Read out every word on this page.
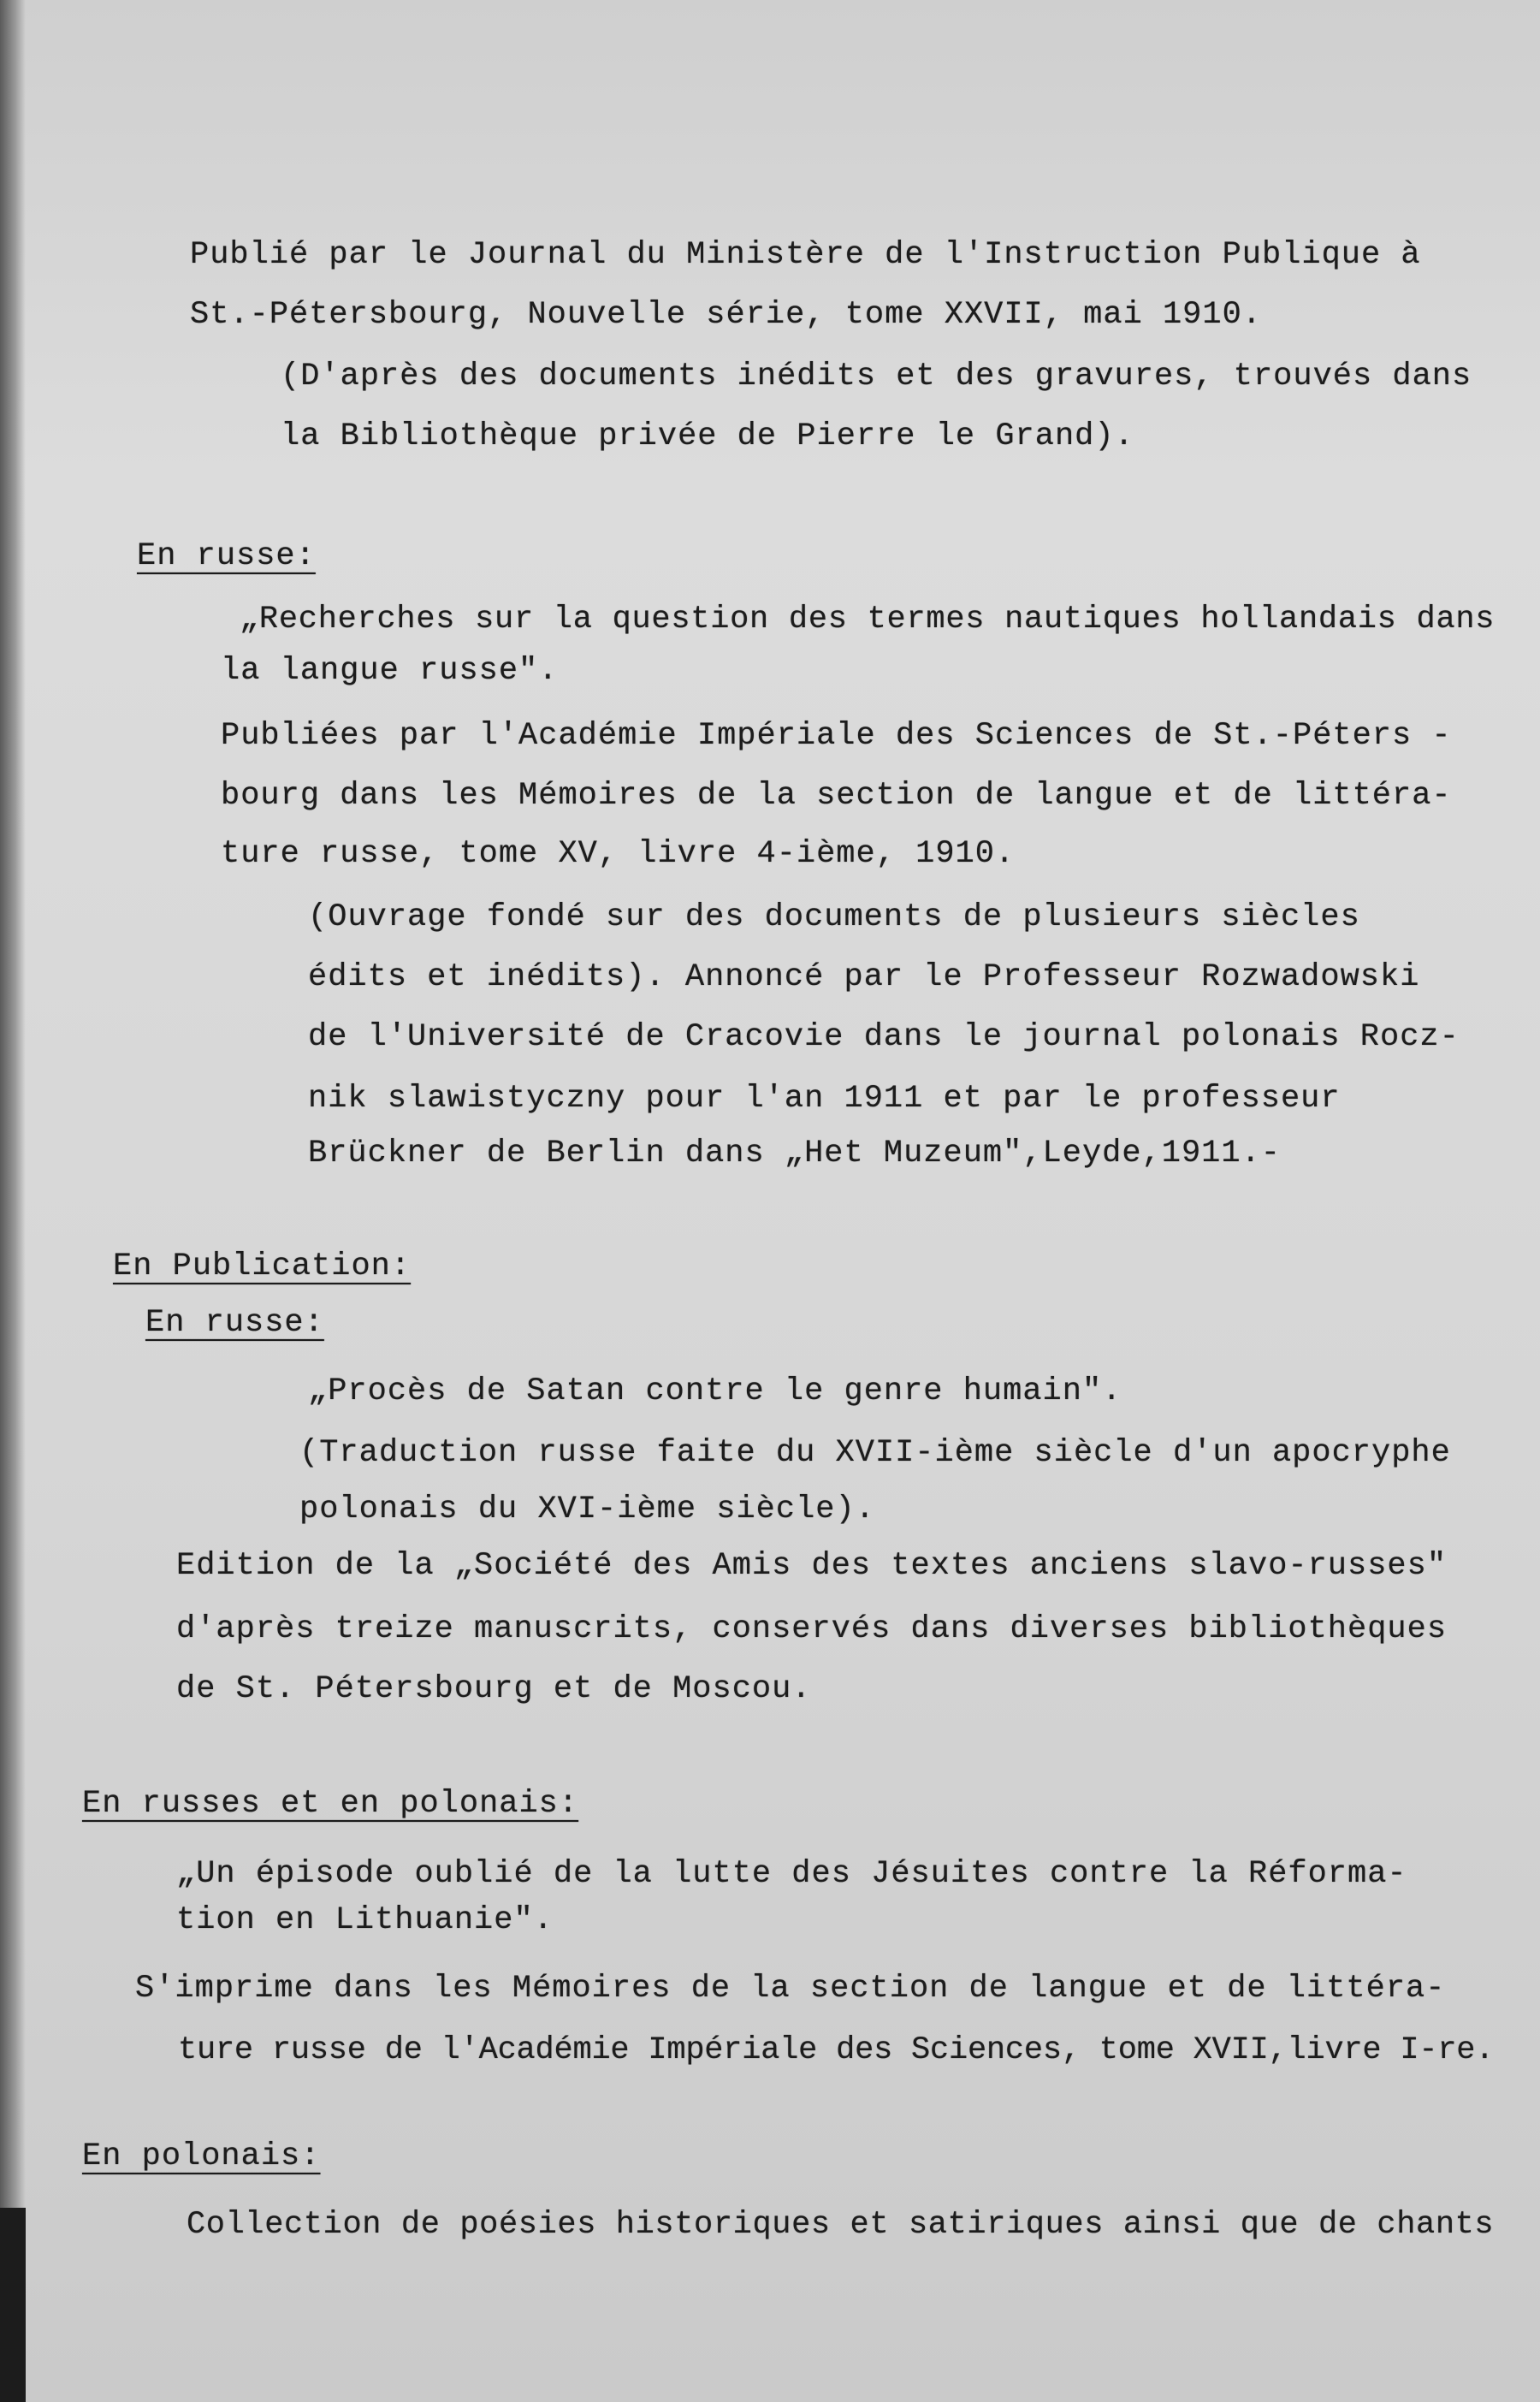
Publié par le Journal du Ministère de l'Instruction Publique à
St.-Pétersbourg, Nouvelle série, tome XXVII, mai 1910.
(D'après des documents inédits et des gravures, trouvés dans
la Bibliothèque privée de Pierre le Grand).
En russe:
„Recherches sur la question des termes nautiques hollandais dans
la langue russe".
Publiées par l'Académie Impériale des Sciences de St.-Péters -
bourg dans les Mémoires de la section de langue et de littéra-
ture russe, tome XV, livre 4-ième, 1910.
(Ouvrage fondé sur des documents de plusieurs siècles
édits et inédits). Annoncé par le Professeur Rozwadowski
de l'Université de Cracovie dans le journal polonais Rocz-
nik slawistyczny pour l'an 1911 et par le professeur
Brückner de Berlin dans „Het Muzeum",Leyde,1911.-
En Publication:
En russe:
„Procès de Satan contre le genre humain".
(Traduction russe faite du XVII-ième siècle d'un apocryphe
polonais du XVI-ième siècle).
Edition de la „Société des Amis des textes anciens slavo-russes"
d'après treize manuscrits, conservés dans diverses bibliothèques
de St. Pétersbourg et de Moscou.
En russes et en polonais:
„Un épisode oublié de la lutte des Jésuites contre la Réforma-
tion en Lithuanie".
S'imprime dans les Mémoires de la section de langue et de littéra-
ture russe de l'Académie Impériale des Sciences, tome XVII,livre I-re.
En polonais:
Collection de poésies historiques et satiriques ainsi que de chants
